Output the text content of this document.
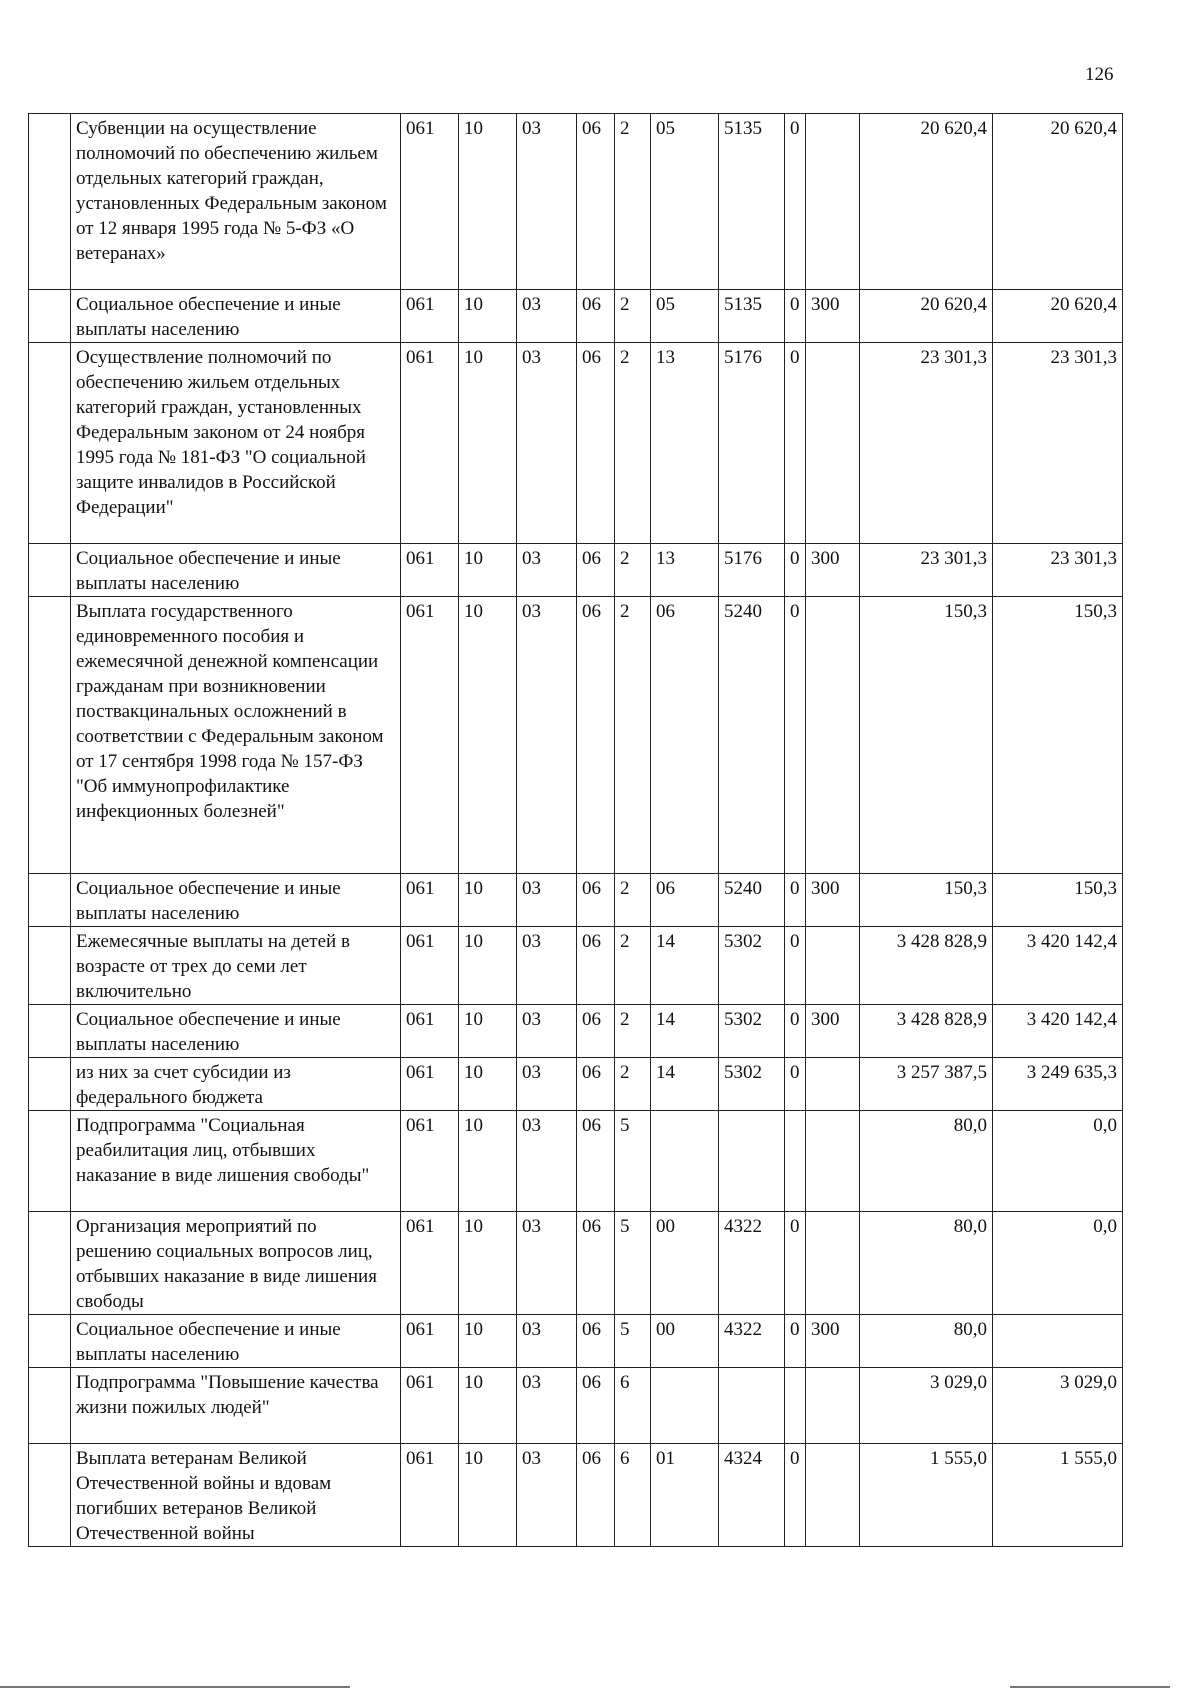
126
	Субвенции на осуществление полномочий по обеспечению жильем отдельных категорий граждан, установленных Федеральным законом от 12 января 1995 года № 5-ФЗ «О ветеранах»	061	10	03	06	2	05	5135	0		20 620,4	20 620,4
	Социальное обеспечение и иные выплаты населению	061	10	03	06	2	05	5135	0	300	20 620,4	20 620,4
	Осуществление полномочий по обеспечению жильем отдельных категорий граждан, установленных Федеральным законом от 24 ноября 1995 года № 181-ФЗ "О социальной защите инвалидов в Российской Федерации"	061	10	03	06	2	13	5176	0		23 301,3	23 301,3
	Социальное обеспечение и иные выплаты населению	061	10	03	06	2	13	5176	0	300	23 301,3	23 301,3
	Выплата государственного единовременного пособия и ежемесячной денежной компенсации гражданам при возникновении поствакцинальных осложнений в соответствии с Федеральным законом от 17 сентября 1998 года № 157-ФЗ "Об иммунопрофилактике инфекционных болезней"	061	10	03	06	2	06	5240	0		150,3	150,3
	Социальное обеспечение и иные выплаты населению	061	10	03	06	2	06	5240	0	300	150,3	150,3
	Ежемесячные выплаты на детей в возрасте от трех до семи лет включительно	061	10	03	06	2	14	5302	0		3 428 828,9	3 420 142,4
	Социальное обеспечение и иные выплаты населению	061	10	03	06	2	14	5302	0	300	3 428 828,9	3 420 142,4
	из них за счет субсидии из федерального бюджета	061	10	03	06	2	14	5302	0		3 257 387,5	3 249 635,3
	Подпрограмма "Социальная реабилитация лиц, отбывших наказание в виде лишения свободы"	061	10	03	06	5					80,0	0,0
	Организация мероприятий по решению социальных вопросов лиц, отбывших наказание в виде лишения свободы	061	10	03	06	5	00	4322	0		80,0	0,0
	Социальное обеспечение и иные выплаты населению	061	10	03	06	5	00	4322	0	300	80,0	
	Подпрограмма "Повышение качества жизни пожилых людей"	061	10	03	06	6					3 029,0	3 029,0
	Выплата ветеранам Великой Отечественной войны и вдовам погибших ветеранов Великой Отечественной войны	061	10	03	06	6	01	4324	0		1 555,0	1 555,0
